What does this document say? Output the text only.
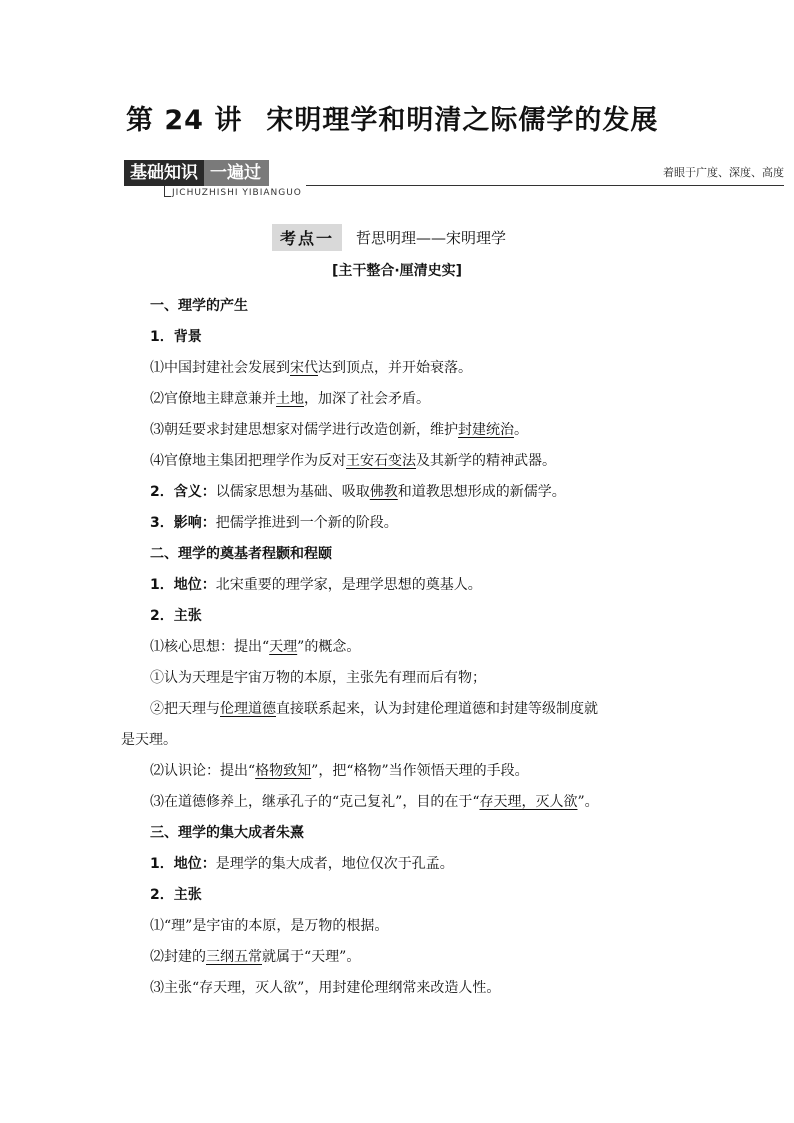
第 24 讲 宋明理学和明清之际儒学的发展
基础知识 一遍过
JICHUZHISHI YIBIANGUO
着眼于广度、深度、高度
考点一	哲思明理——宋明理学
[主干整合·厘清史实]
一、理学的产生
1．背景
⑴中国封建社会发展到宋代达到顶点，并开始衰落。
⑵官僚地主肆意兼并土地，加深了社会矛盾。
⑶朝廷要求封建思想家对儒学进行改造创新，维护封建统治。
⑷官僚地主集团把理学作为反对王安石变法及其新学的精神武器。
2．含义：以儒家思想为基础、吸取佛教和道教思想形成的新儒学。
3．影响：把儒学推进到一个新的阶段。
二、理学的奠基者程颢和程颐
1．地位：北宋重要的理学家，是理学思想的奠基人。
2．主张
⑴核心思想：提出“天理”的概念。
①认为天理是宇宙万物的本原，主张先有理而后有物；
②把天理与伦理道德直接联系起来，认为封建伦理道德和封建等级制度就
是天理。
⑵认识论：提出“格物致知”，把“格物”当作领悟天理的手段。
⑶在道德修养上，继承孔子的“克己复礼”，目的在于“存天理，灭人欲”。
三、理学的集大成者朱熹
1．地位：是理学的集大成者，地位仅次于孔孟。
2．主张
⑴“理”是宇宙的本原，是万物的根据。
⑵封建的三纲五常就属于“天理”。
⑶主张“存天理，灭人欲”，用封建伦理纲常来改造人性。
